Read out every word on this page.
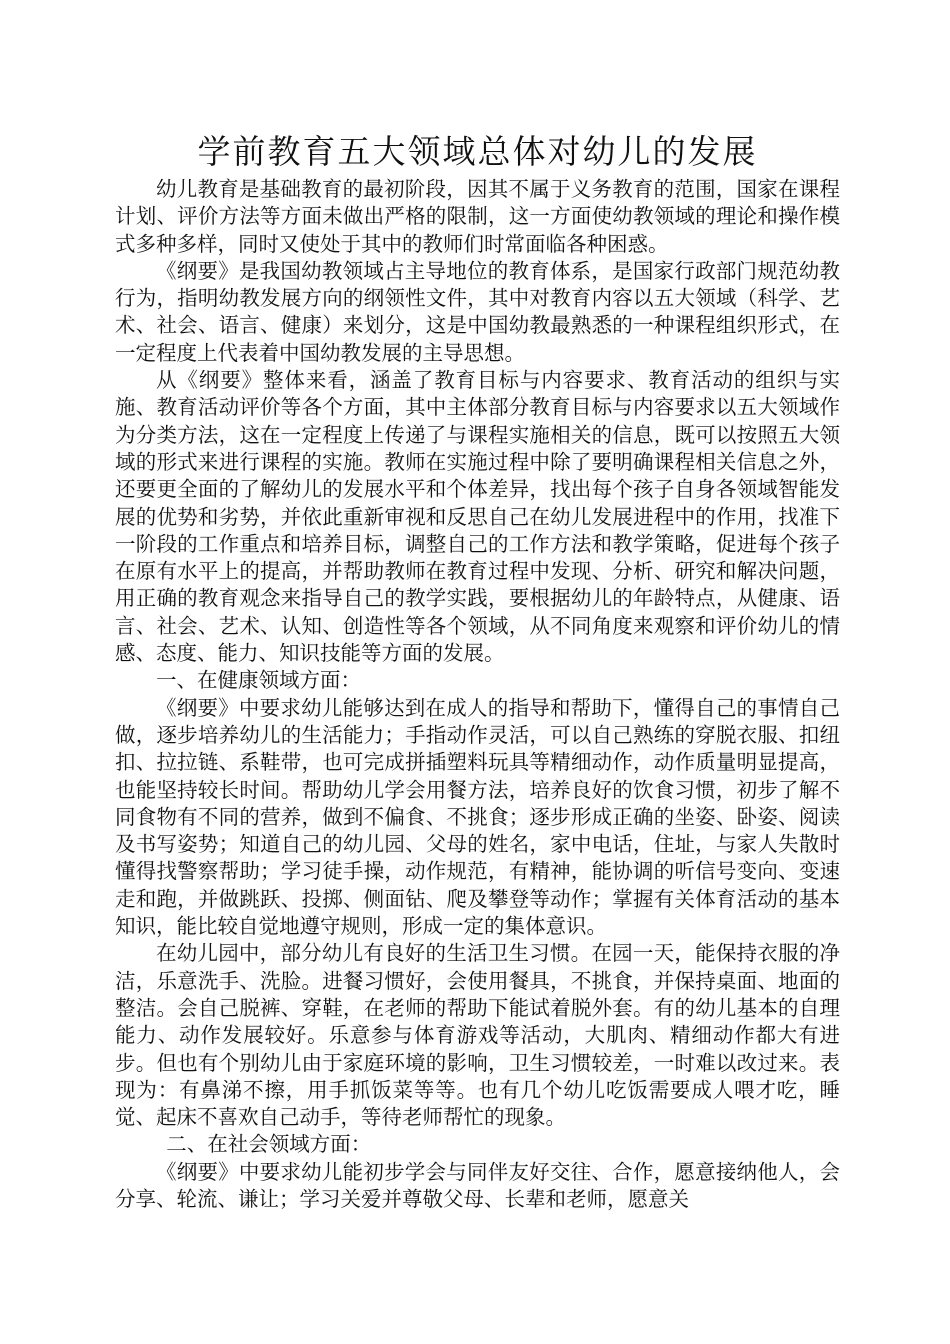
学前教育五大领域总体对幼儿的发展

幼儿教育是基础教育的最初阶段，因其不属于义务教育的范围，国家在课程计划、评价方法等方面未做出严格的限制，这一方面使幼教领域的理论和操作模式多种多样，同时又使处于其中的教师们时常面临各种困惑。

《纲要》是我国幼教领域占主导地位的教育体系，是国家行政部门规范幼教行为，指明幼教发展方向的纲领性文件，其中对教育内容以五大领域（科学、艺术、社会、语言、健康）来划分，这是中国幼教最熟悉的一种课程组织形式，在一定程度上代表着中国幼教发展的主导思想。

从《纲要》整体来看，涵盖了教育目标与内容要求、教育活动的组织与实施、教育活动评价等各个方面，其中主体部分教育目标与内容要求以五大领域作为分类方法，这在一定程度上传递了与课程实施相关的信息，既可以按照五大领域的形式来进行课程的实施。教师在实施过程中除了要明确课程相关信息之外，还要更全面的了解幼儿的发展水平和个体差异，找出每个孩子自身各领域智能发展的优势和劣势，并依此重新审视和反思自己在幼儿发展进程中的作用，找准下一阶段的工作重点和培养目标，调整自己的工作方法和教学策略，促进每个孩子在原有水平上的提高，并帮助教师在教育过程中发现、分析、研究和解决问题，用正确的教育观念来指导自己的教学实践，要根据幼儿的年龄特点，从健康、语言、社会、艺术、认知、创造性等各个领域，从不同角度来观察和评价幼儿的情感、态度、能力、知识技能等方面的发展。

一、在健康领域方面：

《纲要》中要求幼儿能够达到在成人的指导和帮助下，懂得自己的事情自己做，逐步培养幼儿的生活能力；手指动作灵活，可以自己熟练的穿脱衣服、扣纽扣、拉拉链、系鞋带，也可完成拼插塑料玩具等精细动作，动作质量明显提高，也能坚持较长时间。帮助幼儿学会用餐方法，培养良好的饮食习惯，初步了解不同食物有不同的营养，做到不偏食、不挑食；逐步形成正确的坐姿、卧姿、阅读及书写姿势；知道自己的幼儿园、父母的姓名，家中电话，住址，与家人失散时懂得找警察帮助；学习徒手操，动作规范，有精神，能协调的听信号变向、变速走和跑，并做跳跃、投掷、侧面钻、爬及攀登等动作；掌握有关体育活动的基本知识，能比较自觉地遵守规则，形成一定的集体意识。

在幼儿园中，部分幼儿有良好的生活卫生习惯。在园一天，能保持衣服的净洁，乐意洗手、洗脸。进餐习惯好，会使用餐具，不挑食，并保持桌面、地面的整洁。会自己脱裤、穿鞋，在老师的帮助下能试着脱外套。有的幼儿基本的自理能力、动作发展较好。乐意参与体育游戏等活动，大肌肉、精细动作都大有进步。但也有个别幼儿由于家庭环境的影响，卫生习惯较差，一时难以改过来。表现为：有鼻涕不擦，用手抓饭菜等等。也有几个幼儿吃饭需要成人喂才吃，睡觉、起床不喜欢自己动手，等待老师帮忙的现象。

二、在社会领域方面：

《纲要》中要求幼儿能初步学会与同伴友好交往、合作，愿意接纳他人，会分享、轮流、谦让；学习关爱并尊敬父母、长辈和老师，愿意关
